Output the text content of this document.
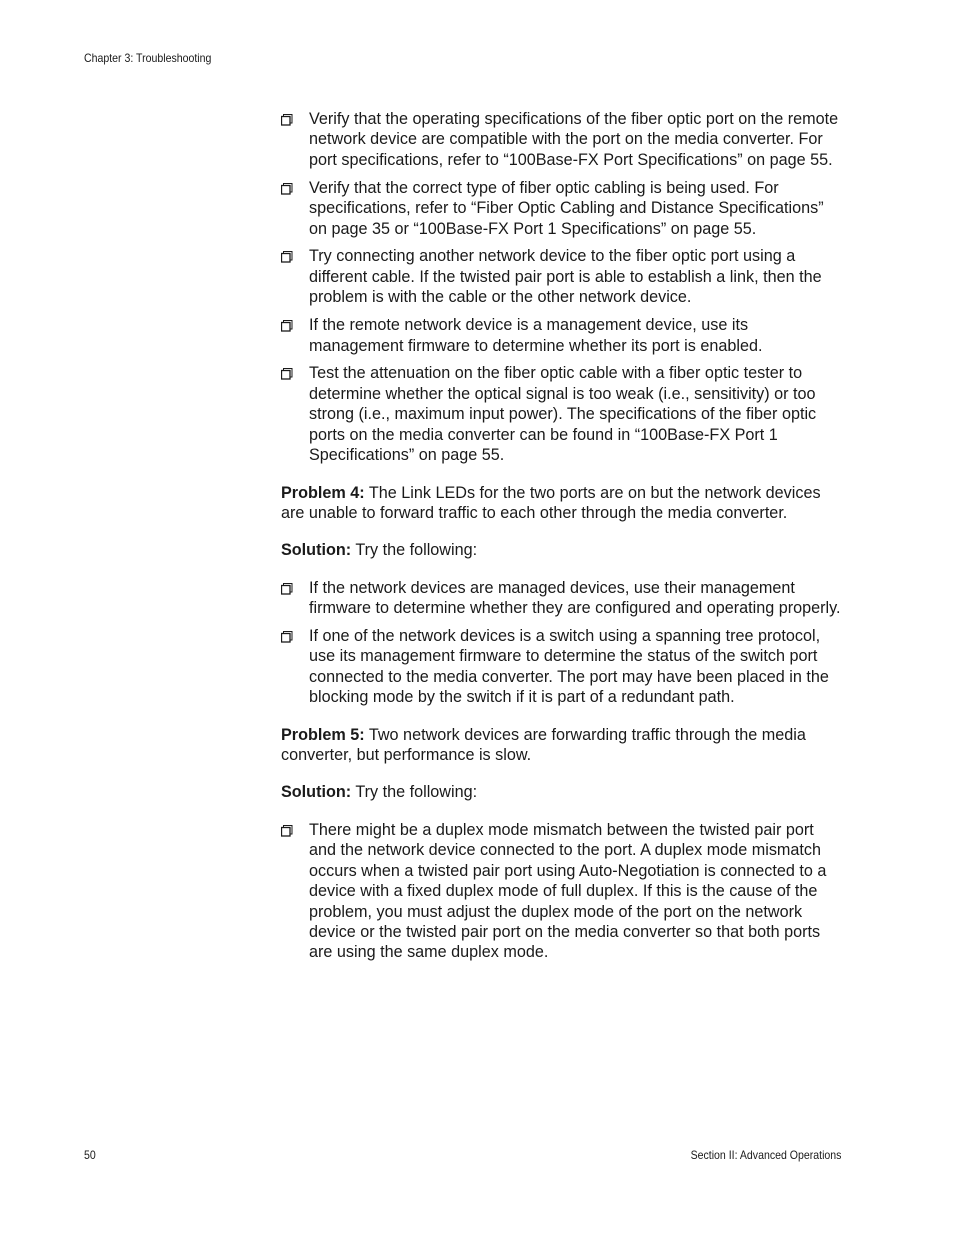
Chapter 3: Troubleshooting
Verify that the operating specifications of the fiber optic port on the remote network device are compatible with the port on the media converter. For port specifications, refer to “100Base-FX Port Specifications” on page 55.
Verify that the correct type of fiber optic cabling is being used. For specifications, refer to “Fiber Optic Cabling and Distance Specifications” on page 35 or “100Base-FX Port 1 Specifications” on page 55.
Try connecting another network device to the fiber optic port using a different cable. If the twisted pair port is able to establish a link, then the problem is with the cable or the other network device.
If the remote network device is a management device, use its management firmware to determine whether its port is enabled.
Test the attenuation on the fiber optic cable with a fiber optic tester to determine whether the optical signal is too weak (i.e., sensitivity) or too strong (i.e., maximum input power). The specifications of the fiber optic ports on the media converter can be found in “100Base-FX Port 1 Specifications” on page 55.

Problem 4: The Link LEDs for the two ports are on but the network devices are unable to forward traffic to each other through the media converter.

Solution: Try the following:

If the network devices are managed devices, use their management firmware to determine whether they are configured and operating properly.
If one of the network devices is a switch using a spanning tree protocol, use its management firmware to determine the status of the switch port connected to the media converter. The port may have been placed in the blocking mode by the switch if it is part of a redundant path.

Problem 5: Two network devices are forwarding traffic through the media converter, but performance is slow.

Solution: Try the following:

There might be a duplex mode mismatch between the twisted pair port and the network device connected to the port. A duplex mode mismatch occurs when a twisted pair port using Auto-Negotiation is connected to a device with a fixed duplex mode of full duplex. If this is the cause of the problem, you must adjust the duplex mode of the port on the network device or the twisted pair port on the media converter so that both ports are using the same duplex mode.
50	Section II: Advanced Operations
